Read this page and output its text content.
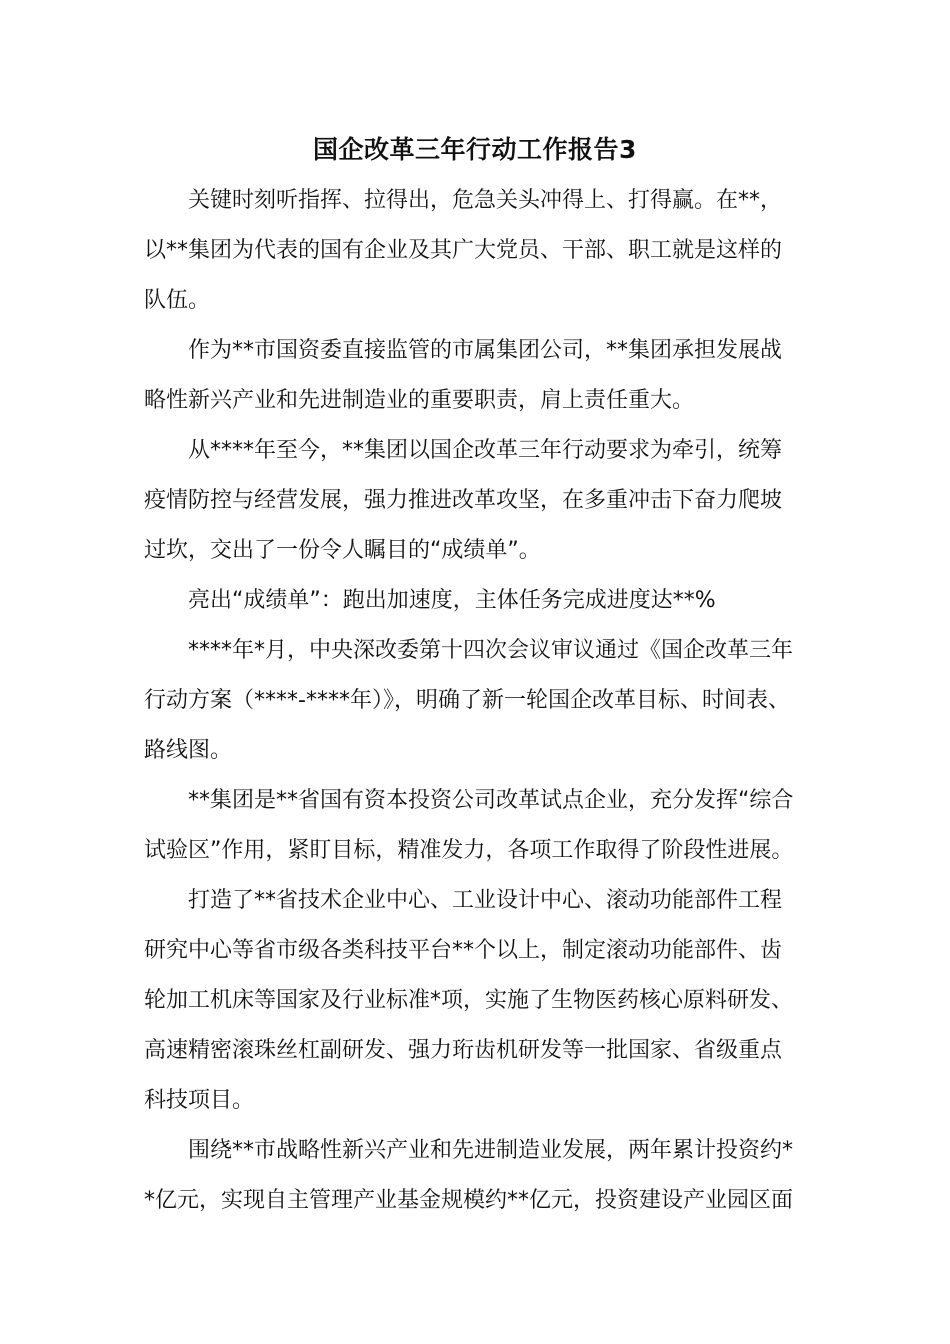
国企改革三年行动工作报告3
关键时刻听指挥、拉得出，危急关头冲得上、打得赢。在**，
以**集团为代表的国有企业及其广大党员、干部、职工就是这样的
队伍。
作为**市国资委直接监管的市属集团公司，**集团承担发展战
略性新兴产业和先进制造业的重要职责，肩上责任重大。
从****年至今，**集团以国企改革三年行动要求为牵引，统筹
疫情防控与经营发展，强力推进改革攻坚，在多重冲击下奋力爬坡
过坎，交出了一份令人瞩目的“成绩单”。
亮出“成绩单”：跑出加速度，主体任务完成进度达**%
****年*月，中央深改委第十四次会议审议通过《国企改革三年
行动方案（****-****年）》，明确了新一轮国企改革目标、时间表、
路线图。
**集团是**省国有资本投资公司改革试点企业，充分发挥“综合
试验区”作用，紧盯目标，精准发力，各项工作取得了阶段性进展。
打造了**省技术企业中心、工业设计中心、滚动功能部件工程
研究中心等省市级各类科技平台**个以上，制定滚动功能部件、齿
轮加工机床等国家及行业标准*项，实施了生物医药核心原料研发、
高速精密滚珠丝杠副研发、强力珩齿机研发等一批国家、省级重点
科技项目。
围绕**市战略性新兴产业和先进制造业发展，两年累计投资约*
*亿元，实现自主管理产业基金规模约**亿元，投资建设产业园区面
